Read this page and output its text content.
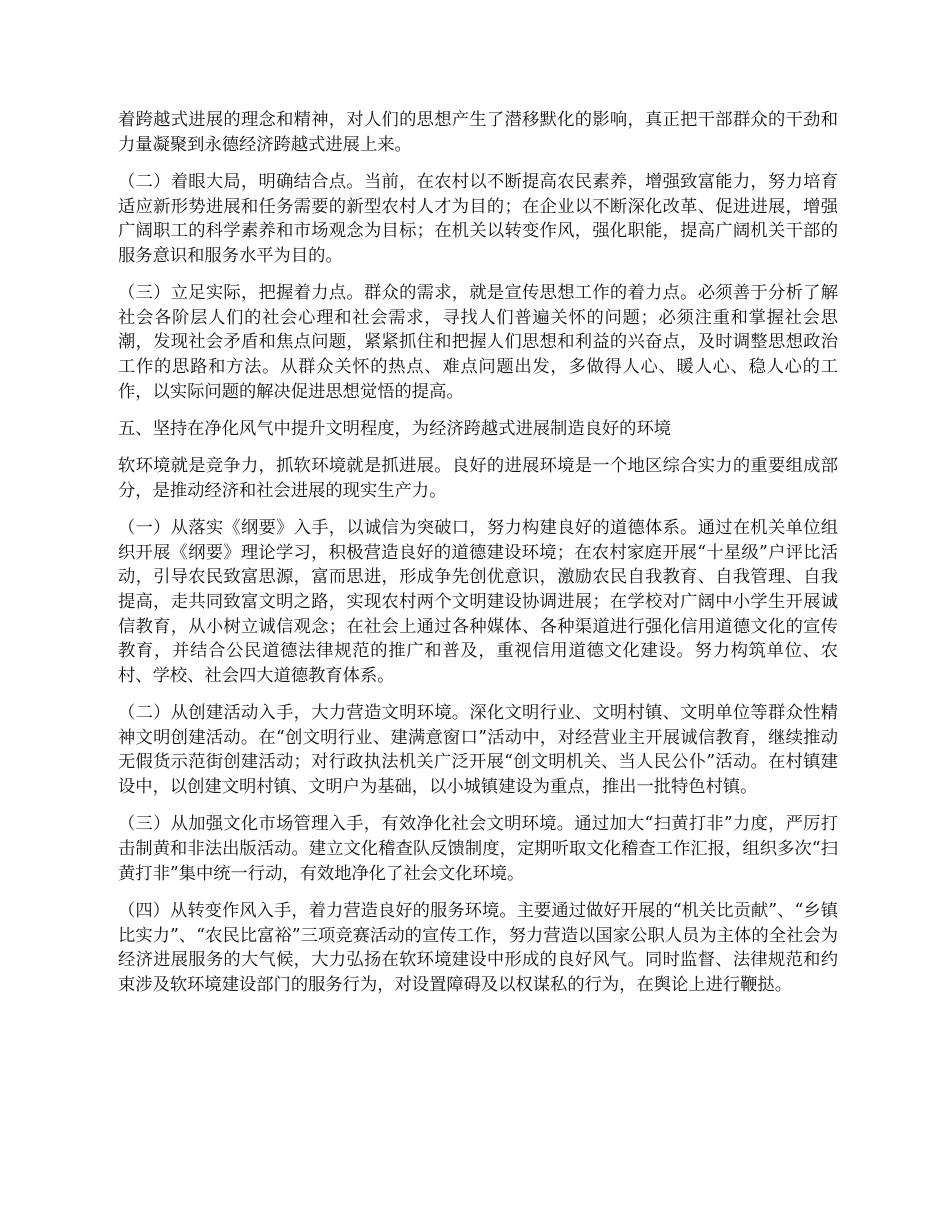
着跨越式进展的理念和精神，对人们的思想产生了潜移默化的影响，真正把干部群众的干劲和力量凝聚到永德经济跨越式进展上来。

（二）着眼大局，明确结合点。当前，在农村以不断提高农民素养，增强致富能力，努力培育适应新形势进展和任务需要的新型农村人才为目的；在企业以不断深化改革、促进进展，增强广阔职工的科学素养和市场观念为目标；在机关以转变作风，强化职能，提高广阔机关干部的服务意识和服务水平为目的。

（三）立足实际，把握着力点。群众的需求，就是宣传思想工作的着力点。必须善于分析了解社会各阶层人们的社会心理和社会需求，寻找人们普遍关怀的问题；必须注重和掌握社会思潮，发现社会矛盾和焦点问题，紧紧抓住和把握人们思想和利益的兴奋点，及时调整思想政治工作的思路和方法。从群众关怀的热点、难点问题出发，多做得人心、暖人心、稳人心的工作，以实际问题的解决促进思想觉悟的提高。

五、坚持在净化风气中提升文明程度，为经济跨越式进展制造良好的环境

软环境就是竞争力，抓软环境就是抓进展。良好的进展环境是一个地区综合实力的重要组成部分，是推动经济和社会进展的现实生产力。

（一）从落实《纲要》入手，以诚信为突破口，努力构建良好的道德体系。通过在机关单位组织开展《纲要》理论学习，积极营造良好的道德建设环境；在农村家庭开展“十星级”户评比活动，引导农民致富思源，富而思进，形成争先创优意识，激励农民自我教育、自我管理、自我提高，走共同致富文明之路，实现农村两个文明建设协调进展；在学校对广阔中小学生开展诚信教育，从小树立诚信观念；在社会上通过各种媒体、各种渠道进行强化信用道德文化的宣传教育，并结合公民道德法律规范的推广和普及，重视信用道德文化建设。努力构筑单位、农村、学校、社会四大道德教育体系。

（二）从创建活动入手，大力营造文明环境。深化文明行业、文明村镇、文明单位等群众性精神文明创建活动。在“创文明行业、建满意窗口”活动中，对经营业主开展诚信教育，继续推动无假货示范街创建活动；对行政执法机关广泛开展“创文明机关、当人民公仆”活动。在村镇建设中，以创建文明村镇、文明户为基础，以小城镇建设为重点，推出一批特色村镇。

（三）从加强文化市场管理入手，有效净化社会文明环境。通过加大“扫黄打非”力度，严厉打击制黄和非法出版活动。建立文化稽查队反馈制度，定期听取文化稽查工作汇报，组织多次“扫黄打非”集中统一行动，有效地净化了社会文化环境。

（四）从转变作风入手，着力营造良好的服务环境。主要通过做好开展的“机关比贡献”、“乡镇比实力”、“农民比富裕”三项竞赛活动的宣传工作，努力营造以国家公职人员为主体的全社会为经济进展服务的大气候，大力弘扬在软环境建设中形成的良好风气。同时监督、法律规范和约束涉及软环境建设部门的服务行为，对设置障碍及以权谋私的行为，在舆论上进行鞭挞。
